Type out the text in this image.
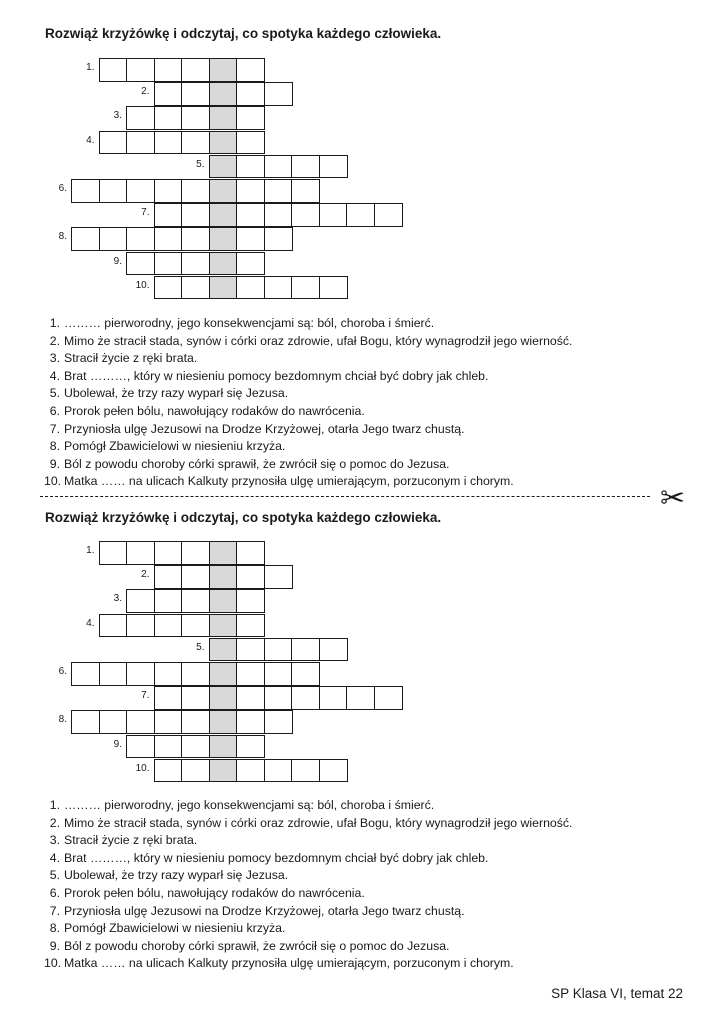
Rozwiąż krzyżówkę i odczytaj, co spotyka każdego człowieka.
1.
2.
3.
4.
5.
6.
7.
8.
9.
10.
1. ……… pierworodny, jego konsekwencjami są: ból, choroba i śmierć.
2. Mimo że stracił stada, synów i córki oraz zdrowie, ufał Bogu, który wynagrodził jego wierność.
3. Stracił życie z ręki brata.
4. Brat ………, który w niesieniu pomocy bezdomnym chciał być dobry jak chleb.
5. Ubolewał, że trzy razy wyparł się Jezusa.
6. Prorok pełen bólu, nawołujący rodaków do nawrócenia.
7. Przyniosła ulgę Jezusowi na Drodze Krzyżowej, otarła Jego twarz chustą.
8. Pomógł Zbawicielowi w niesieniu krzyża.
9. Ból z powodu choroby córki sprawił, że zwrócił się o pomoc do Jezusa.
10. Matka …… na ulicach Kalkuty przynosiła ulgę umierającym, porzuconym i chorym.
✂
Rozwiąż krzyżówkę i odczytaj, co spotyka każdego człowieka.
1.
2.
3.
4.
5.
6.
7.
8.
9.
10.
1. ……… pierworodny, jego konsekwencjami są: ból, choroba i śmierć.
2. Mimo że stracił stada, synów i córki oraz zdrowie, ufał Bogu, który wynagrodził jego wierność.
3. Stracił życie z ręki brata.
4. Brat ………, który w niesieniu pomocy bezdomnym chciał być dobry jak chleb.
5. Ubolewał, że trzy razy wyparł się Jezusa.
6. Prorok pełen bólu, nawołujący rodaków do nawrócenia.
7. Przyniosła ulgę Jezusowi na Drodze Krzyżowej, otarła Jego twarz chustą.
8. Pomógł Zbawicielowi w niesieniu krzyża.
9. Ból z powodu choroby córki sprawił, że zwrócił się o pomoc do Jezusa.
10. Matka …… na ulicach Kalkuty przynosiła ulgę umierającym, porzuconym i chorym.
SP Klasa VI, temat 22
